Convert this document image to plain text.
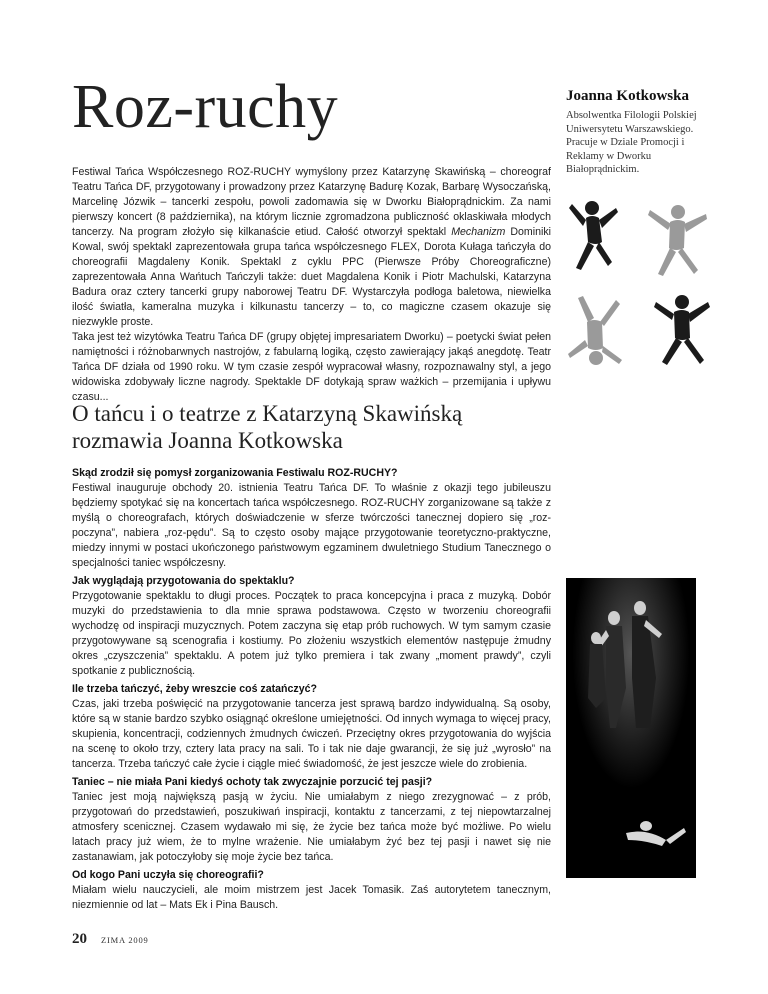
Roz-ruchy	Joanna Kotkowska

Absolwentka Filologii Polskiej Uniwersytetu Warszawskiego. Pracuje w Dziale Promocji i Reklamy w Dworku Białoprądnickim.

Festiwal Tańca Współczesnego ROZ-RUCHY wymyślony przez Katarzynę Skawińską – choreograf Teatru Tańca DF, przygotowany i prowadzony przez Katarzynę Badurę Kozak, Barbarę Wysoczańską, Marcelinę Józwik – tancerki zespołu, powoli zadomawia się w Dworku Białoprądnickim. Za nami pierwszy koncert (8 października), na którym licznie zgromadzona publiczność oklaskiwała młodych tancerzy. Na program złożyło się kilkanaście etiud. Całość otworzył spektakl Mechanizm Dominiki Kowal, swój spektakl zaprezentowała grupa tańca współczesnego FLEX, Dorota Kułaga tańczyła do choreografii Magdaleny Konik. Spektakl z cyklu PPC (Pierwsze Próby Choreograficzne) zaprezentowała Anna Wańtuch Tańczyli także: duet Magdalena Konik i Piotr Machulski, Katarzyna Badura oraz cztery tancerki grupy naborowej Teatru DF. Wystarczyła podłoga baletowa, niewielka ilość światła, kameralna muzyka i kilkunastu tancerzy – to, co magiczne czasem okazuje się niezwykle proste.

Taka jest też wizytówka Teatru Tańca DF (grupy objętej impresariatem Dworku) – poetycki świat pełen namiętności i różnobarwnych nastrojów, z fabularną logiką, często zawierający jakąś anegdotę. Teatr Tańca DF działa od 1990 roku. W tym czasie zespół wypracował własny, rozpoznawalny styl, a jego widowiska zdobywały liczne nagrody. Spektakle DF dotykają spraw ważkich – przemijania i upływu czasu...

O tańcu i o teatrze z Katarzyną Skawińską rozmawia Joanna Kotkowska

Skąd zrodził się pomysł zorganizowania Festiwalu ROZ-RUCHY?

Festiwal inauguruje obchody 20. istnienia Teatru Tańca DF. To właśnie z okazji tego jubileuszu będziemy spotykać się na koncertach tańca współczesnego. ROZ-RUCHY zorganizowane są także z myślą o choreografach, których doświadczenie w sferze twórczości tanecznej dopiero się „roz-poczyna”, nabiera „roz-pędu”. Są to często osoby mające przygotowanie teoretyczno-praktyczne, miedzy innymi w postaci ukończonego państwowym egzaminem dwuletniego Studium Tanecznego o specjalności taniec współczesny.

Jak wyglądają przygotowania do spektaklu?

Przygotowanie spektaklu to długi proces. Początek to praca koncepcyjna i praca z muzyką. Dobór muzyki do przedstawienia to dla mnie sprawa podstawowa. Często w tworzeniu choreografii wychodzę od inspiracji muzycznych. Potem zaczyna się etap prób ruchowych. W tym samym czasie przygotowywane są scenografia i kostiumy. Po złożeniu wszystkich elementów następuje żmudny okres „czyszczenia” spektaklu. A potem już tylko premiera i tak zwany „moment prawdy”, czyli spotkanie z publicznością.

Ile trzeba tańczyć, żeby wreszcie coś zatańczyć?

Czas, jaki trzeba poświęcić na przygotowanie tancerza jest sprawą bardzo indywidualną. Są osoby, które są w stanie bardzo szybko osiągnąć określone umiejętności. Od innych wymaga to więcej pracy, skupienia, koncentracji, codziennych żmudnych ćwiczeń. Przeciętny okres przygotowania do wyjścia na scenę to około trzy, cztery lata pracy na sali. To i tak nie daje gwarancji, że się już „wyrosło” na tancerza. Trzeba tańczyć całe życie i ciągle mieć świadomość, że jest jeszcze wiele do zrobienia.

Taniec – nie miała Pani kiedyś ochoty tak zwyczajnie porzucić tej pasji?

Taniec jest moją największą pasją w życiu. Nie umiałabym z niego zrezygnować – z prób, przygotowań do przedstawień, poszukiwań inspiracji, kontaktu z tancerzami, z tej niepowtarzalnej atmosfery scenicznej. Czasem wydawało mi się, że życie bez tańca może być możliwe. Po wielu latach pracy już wiem, że to mylne wrażenie. Nie umiałabym żyć bez tej pasji i nawet się nie zastanawiam, jak potoczyłoby się moje życie bez tańca.

Od kogo Pani uczyła się choreografii?

Miałam wielu nauczycieli, ale moim mistrzem jest Jacek Tomasik. Zaś autorytetem tanecznym, niezmiennie od lat – Mats Ek i Pina Bausch.

20 ZIMA 2009
